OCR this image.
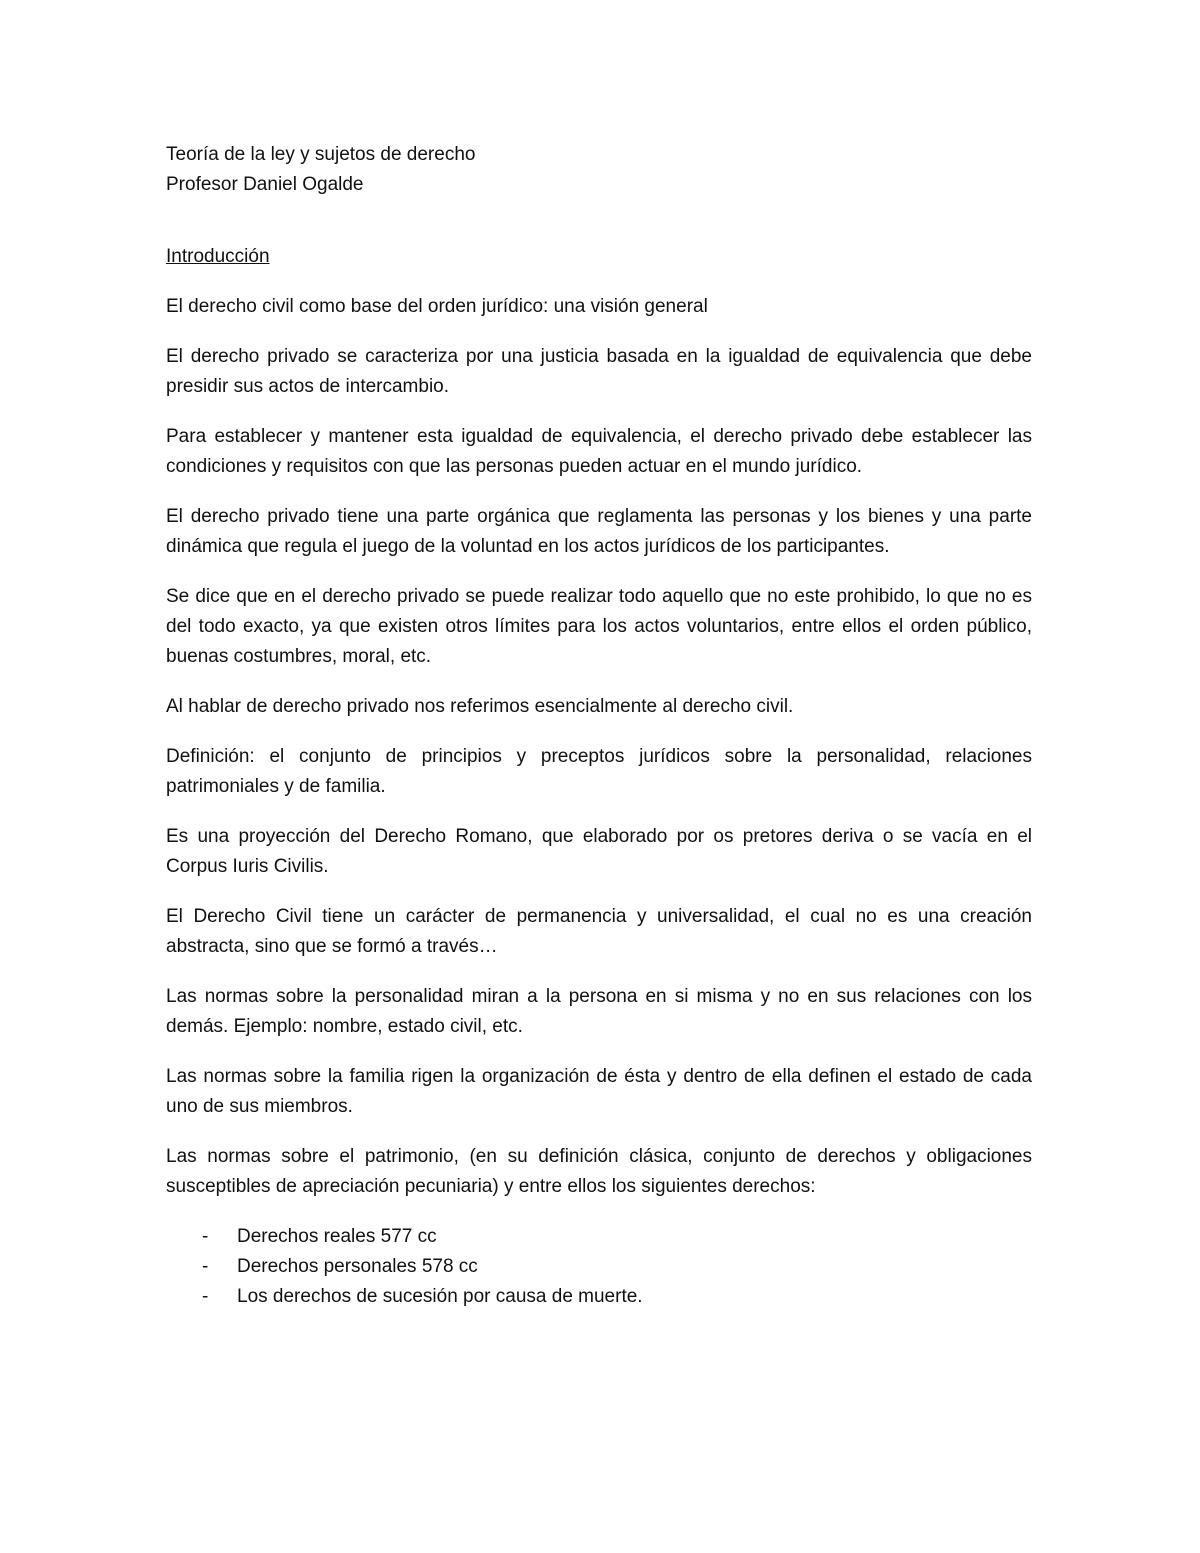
Teoría de la ley y sujetos de derecho
Profesor Daniel Ogalde
Introducción
El derecho civil como base del orden jurídico: una visión general

El derecho privado se caracteriza por una justicia basada en la igualdad de equivalencia que debe presidir sus actos de intercambio.

Para establecer y mantener esta igualdad de equivalencia, el derecho privado debe establecer las condiciones y requisitos con que las personas pueden actuar en el mundo jurídico.

El derecho privado tiene una parte orgánica que reglamenta las personas y los bienes y una parte dinámica que regula el juego de la voluntad en los actos jurídicos de los participantes.

Se dice que en el derecho privado se puede realizar todo aquello que no este prohibido, lo que no es del todo exacto, ya que existen otros límites para los actos voluntarios, entre ellos el orden público, buenas costumbres, moral, etc.

Al hablar de derecho privado nos referimos esencialmente al derecho civil.

Definición: el conjunto de principios y preceptos jurídicos sobre la personalidad, relaciones patrimoniales y de familia.

Es una proyección del Derecho Romano, que elaborado por os pretores deriva o se vacía en el Corpus Iuris Civilis.

El Derecho Civil tiene un carácter de permanencia y universalidad, el cual no es una creación abstracta, sino que se formó a través…

Las normas sobre la personalidad miran a la persona en si misma y no en sus relaciones con los demás. Ejemplo: nombre, estado civil, etc.

Las normas sobre la familia rigen la organización de ésta y dentro de ella definen el estado de cada uno de sus miembros.

Las normas sobre el patrimonio, (en su definición clásica, conjunto de derechos y obligaciones susceptibles de apreciación pecuniaria) y entre ellos los siguientes derechos:

- Derechos reales 577 cc
- Derechos personales 578 cc
- Los derechos de sucesión por causa de muerte.
